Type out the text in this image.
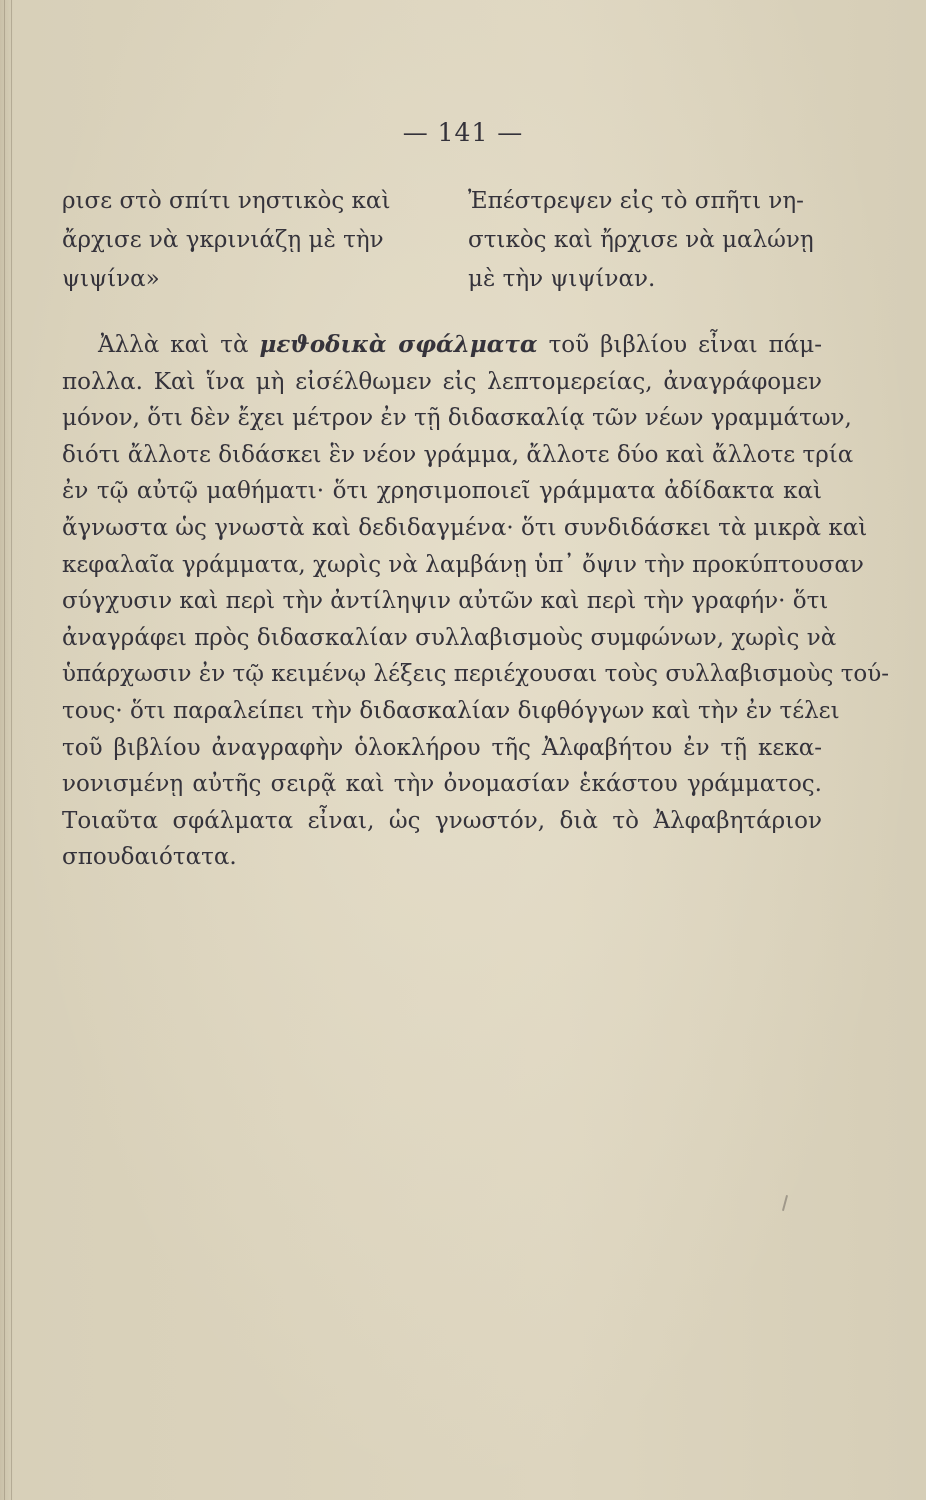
— 141 —
ρισε στὸ σπίτι νηστικὸς καὶ
ἄρχισε νὰ γκρινιάζῃ μὲ τὴν
ψιψίνα»
Ἐπέστρεψεν εἰς τὸ σπῆτι νη-
στικὸς καὶ ἤρχισε νὰ μαλώνῃ
μὲ τὴν ψιψίναν.
Ἀλλὰ καὶ τὰ μεϑοδικὰ σφάλματα τοῦ βιβλίου εἶναι πάμ-
πολλα. Καὶ ἵνα μὴ εἰσέλθωμεν εἰς λεπτομερείας, ἀναγράφομεν
μόνον, ὅτι δὲν ἔχει μέτρον ἐν τῇ διδασκαλίᾳ τῶν νέων γραμμάτων,
διότι ἄλλοτε διδάσκει ἓν νέον γράμμα, ἄλλοτε δύο καὶ ἄλλοτε τρία
ἐν τῷ αὐτῷ μαθήματι· ὅτι χρησιμοποιεῖ γράμματα ἀδίδακτα καὶ
ἄγνωστα ὡς γνωστὰ καὶ δεδιδαγμένα· ὅτι συνδιδάσκει τὰ μικρὰ καὶ
κεφαλαῖα γράμματα, χωρὶς νὰ λαμβάνῃ ὑπ᾿ ὄψιν τὴν προκύπτουσαν
σύγχυσιν καὶ περὶ τὴν ἀντίληψιν αὐτῶν καὶ περὶ τὴν γραφήν· ὅτι
ἀναγράφει πρὸς διδασκαλίαν συλλαβισμοὺς συμφώνων, χωρὶς νὰ
ὑπάρχωσιν ἐν τῷ κειμένῳ λέξεις περιέχουσαι τοὺς συλλαβισμοὺς τού-
τους· ὅτι παραλείπει τὴν διδασκαλίαν διφθόγγων καὶ τὴν ἐν τέλει
τοῦ βιβλίου ἀναγραφὴν ὁλοκλήρου τῆς Ἀλφαβήτου ἐν τῇ κεκα-
νονισμένῃ αὐτῆς σειρᾷ καὶ τὴν ὀνομασίαν ἑκάστου γράμματος.
Τοιαῦτα σφάλματα εἶναι, ὡς γνωστόν, διὰ τὸ Ἀλφαβητάριον
σπουδαιότατα.
